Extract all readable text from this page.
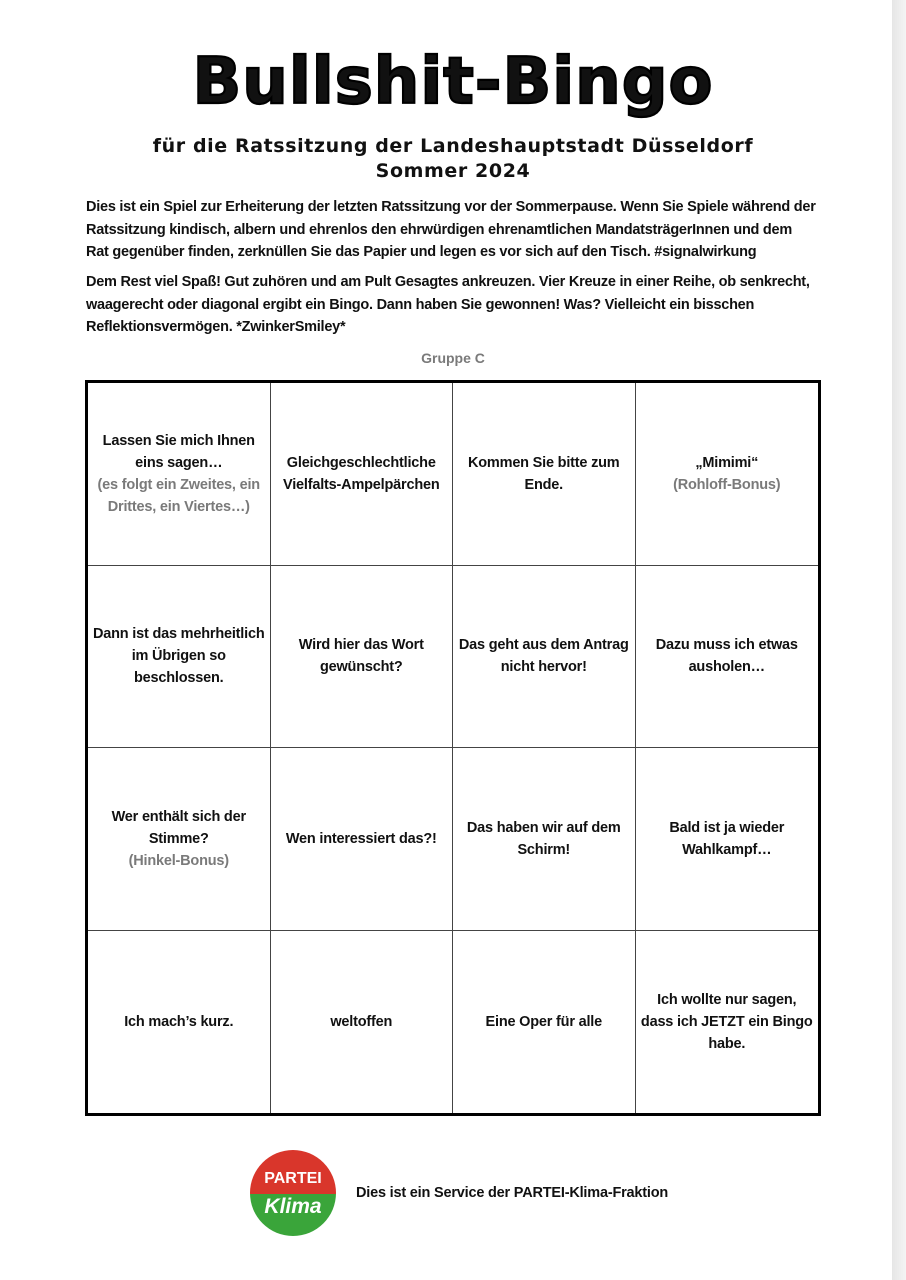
Bullshit-Bingo
für die Ratssitzung der Landeshauptstadt Düsseldorf
Sommer 2024
Dies ist ein Spiel zur Erheiterung der letzten Ratssitzung vor der Sommerpause. Wenn Sie Spiele während der Ratssitzung kindisch, albern und ehrenlos den ehrwürdigen ehrenamtlichen MandatsträgerInnen und dem Rat gegenüber finden, zerknüllen Sie das Papier und legen es vor sich auf den Tisch. #signalwirkung
Dem Rest viel Spaß! Gut zuhören und am Pult Gesagtes ankreuzen. Vier Kreuze in einer Reihe, ob senkrecht, waagerecht oder diagonal ergibt ein Bingo. Dann haben Sie gewonnen! Was? Vielleicht ein bisschen Reflektionsvermögen. *ZwinkerSmiley*
Gruppe C
Lassen Sie mich Ihnen eins sagen…
(es folgt ein Zweites, ein Drittes, ein Viertes…)
Gleichgeschlechtliche Vielfalts-Ampelpärchen
Kommen Sie bitte zum Ende.
„Mimimi“
(Rohloff-Bonus)
Dann ist das mehrheitlich im Übrigen so beschlossen.
Wird hier das Wort gewünscht?
Das geht aus dem Antrag nicht hervor!
Dazu muss ich etwas ausholen…
Wer enthält sich der Stimme?
(Hinkel-Bonus)
Wen interessiert das?!
Das haben wir auf dem Schirm!
Bald ist ja wieder Wahlkampf…
Ich mach’s kurz.	weltoffen	Eine Oper für alle
Ich wollte nur sagen, dass ich JETZT ein Bingo habe.
PARTEI
Klima
Dies ist ein Service der PARTEI-Klima-Fraktion
